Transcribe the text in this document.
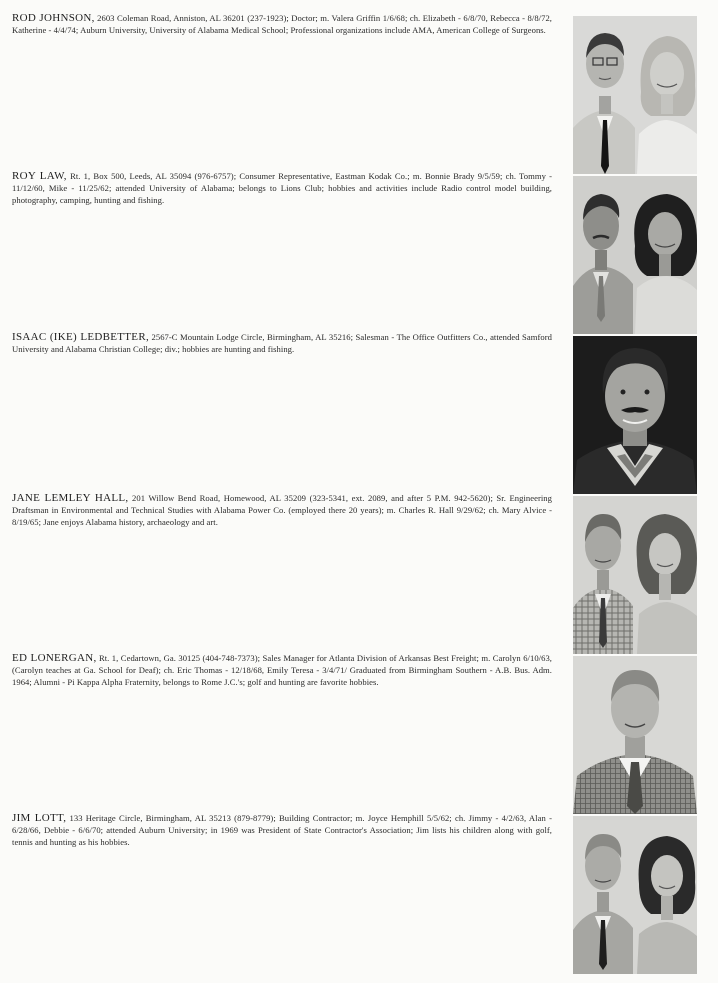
ROD JOHNSON, 2603 Coleman Road, Anniston, AL 36201 (237-1923); Doctor; m. Valera Griffin 1/6/68; ch. Elizabeth - 6/8/70, Rebecca - 8/8/72, Katherine - 4/4/74; Auburn University, University of Alabama Medical School; Professional organizations include AMA, American College of Surgeons.
ROY LAW, Rt. 1, Box 500, Leeds, AL 35094 (976-6757); Consumer Representative, Eastman Kodak Co.; m. Bonnie Brady 9/5/59; ch. Tommy - 11/12/60, Mike - 11/25/62; attended University of Alabama; belongs to Lions Club; hobbies and activities include Radio control model building, photography, camping, hunting and fishing.
ISAAC (IKE) LEDBETTER, 2567-C Mountain Lodge Circle, Birmingham, AL 35216; Salesman - The Office Outfitters Co., attended Samford University and Alabama Christian College; div.; hobbies are hunting and fishing.
JANE LEMLEY HALL, 201 Willow Bend Road, Homewood, AL 35209 (323-5341, ext. 2089, and after 5 P.M. 942-5620); Sr. Engineering Draftsman in Environmental and Technical Studies with Alabama Power Co. (employed there 20 years); m. Charles R. Hall 9/29/62; ch. Mary Alvice - 8/19/65; Jane enjoys Alabama history, archaeology and art.
ED LONERGAN, Rt. 1, Cedartown, Ga. 30125 (404-748-7373); Sales Manager for Atlanta Division of Arkansas Best Freight; m. Carolyn 6/10/63, (Carolyn teaches at Ga. School for Deaf); ch. Eric Thomas - 12/18/68, Emily Teresa - 3/4/71/ Graduated from Birmingham Southern - A.B. Bus. Adm. 1964; Alumni - Pi Kappa Alpha Fraternity, belongs to Rome J.C.'s; golf and hunting are favorite hobbies.
JIM LOTT, 133 Heritage Circle, Birmingham, AL 35213 (879-8779); Building Contractor; m. Joyce Hemphill 5/5/62; ch. Jimmy - 4/2/63, Alan - 6/28/66, Debbie - 6/6/70; attended Auburn University; in 1969 was President of State Contractor's Association; Jim lists his children along with golf, tennis and hunting as his hobbies.
